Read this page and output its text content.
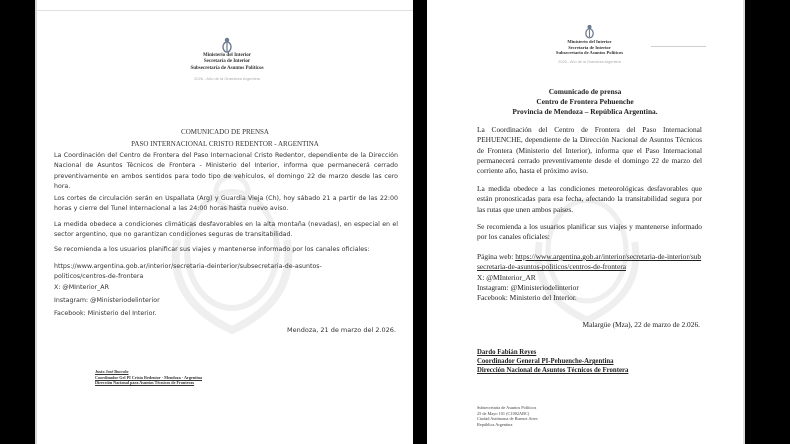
Ministerio del Interior
Secretaría de Interior
Subsecretaría de Asuntos Políticos
2026 - Año de la Grandeza Argentina
COMUNICADO DE PRENSA
PASO INTERNACIONAL CRISTO REDENTOR - ARGENTINA
La Coordinación del Centro de Frontera del Paso Internacional Cristo Redentor, dependiente de la Dirección Nacional de Asuntos Técnicos de Frontera - Ministerio del Interior, informa que permanecerá cerrado preventivamente en ambos sentidos para todo tipo de vehículos, el domingo 22 de marzo desde las cero hora.
Los cortes de circulación serán en Uspallata (Arg) y Guardia Vieja (Ch), hoy sábado 21 a partir de las 22:00 horas y cierre del Tunel Internacional a las 24:00 horas hasta nuevo aviso.
La medida obedece a condiciones climáticas desfavorables en la alta montaña (nevadas), en especial en el sector argentino, que no garantizan condiciones seguras de transitabilidad.
Se recomienda a los usuarios planificar sus viajes y mantenerse informado por los canales oficiales:
https://www.argentina.gob.ar/interior/secretaria-deinterior/subsecretaria-de-asuntos-politicos/centros-de-frontera
X: @MInterior_AR
Instagram: @Ministeriodelinterior
Facebook: Ministerio del Interior.
Mendoza, 21 de marzo del 2.026.
Justo José Buccolo
Coordinador Grl PI Cristo Redentor - Mendoza - Argentina
Dirección Nacional para Asuntos Técnicos de Fronteras
Ministerio del Interior
Secretaría de Interior
Subsecretaría de Asuntos Políticos
2026 - Año de la Grandeza Argentina
Comunicado de prensa
Centro de Frontera Pehuenche
Provincia de Mendoza – República Argentina.
La Coordinación del Centro de Frontera del Paso Internacional PEHUENCHE, dependiente de la Dirección Nacional de Asuntos Técnicos de Frontera (Ministerio del Interior), informa que el Paso Internacional permanecerá cerrado preventivamente desde el domingo 22 de marzo del corriente año, hasta el próximo aviso.
La medida obedece a las condiciones meteorológicas desfavorables que están pronosticadas para esa fecha, afectando la transitabilidad segura por las rutas que unen ambos países.
Se recomienda a los usuarios planificar sus viajes y mantenerse informado por los canales oficiales:
Página web: https://www.argentina.gob.ar/interior/secretaria-de-interior/subsecretaria-de-asuntos-politicos/centros-de-frontera
X: @MInterior_AR
Instagram: @Ministeriodelinterior
Facebook: Ministerio del Interior.
Malargüe (Mza), 22 de marzo de 2.026.
Dardo Fabián Reyes
Coordinador General PI-Pehuenche-Argentina
Dirección Nacional de Asuntos Técnicos de Frontera
Subsecretaría de Asuntos Políticos
25 de Mayo 101 (C1002ABC)
Ciudad Autónoma de Buenos Aires
República Argentina
